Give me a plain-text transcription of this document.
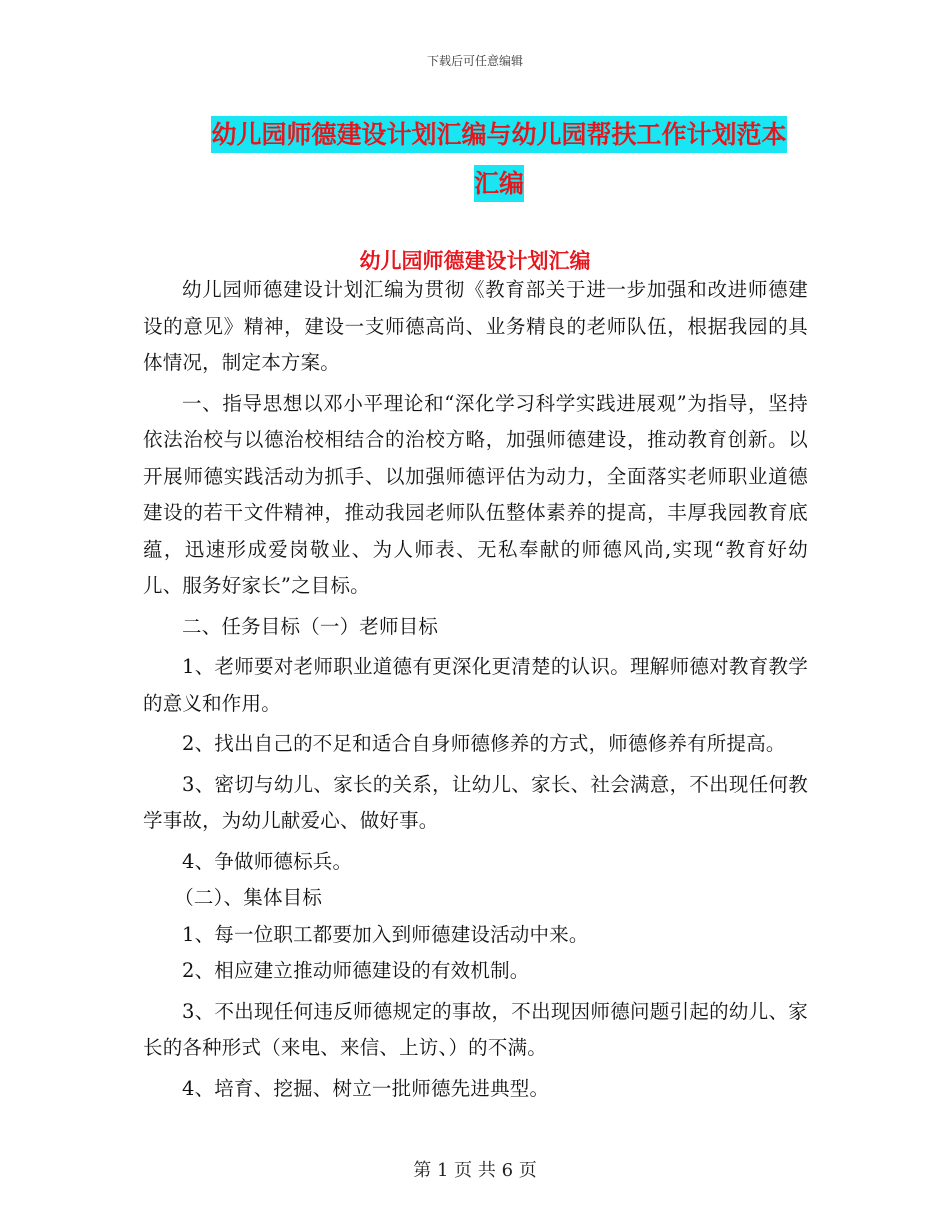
下载后可任意编辑
幼儿园师德建设计划汇编与幼儿园帮扶工作计划范本
汇编
幼儿园师德建设计划汇编

幼儿园师德建设计划汇编为贯彻《教育部关于进一步加强和改进师德建设的意见》精神，建设一支师德高尚、业务精良的老师队伍，根据我园的具体情况，制定本方案。

一、指导思想以邓小平理论和“深化学习科学实践进展观”为指导，坚持依法治校与以德治校相结合的治校方略，加强师德建设，推动教育创新。以开展师德实践活动为抓手、以加强师德评估为动力，全面落实老师职业道德建设的若干文件精神，推动我园老师队伍整体素养的提高，丰厚我园教育底蕴，迅速形成爱岗敬业、为人师表、无私奉献的师德风尚,实现“教育好幼儿、服务好家长”之目标。

二、任务目标（一）老师目标

1、老师要对老师职业道德有更深化更清楚的认识。理解师德对教育教学的意义和作用。

2、找出自己的不足和适合自身师德修养的方式，师德修养有所提高。

3、密切与幼儿、家长的关系，让幼儿、家长、社会满意，不出现任何教学事故，为幼儿献爱心、做好事。

4、争做师德标兵。

（二）、集体目标

1、每一位职工都要加入到师德建设活动中来。

2、相应建立推动师德建设的有效机制。

3、不出现任何违反师德规定的事故，不出现因师德问题引起的幼儿、家长的各种形式（来电、来信、上访、）的不满。

4、培育、挖掘、树立一批师德先进典型。

第 1 页 共 6 页
